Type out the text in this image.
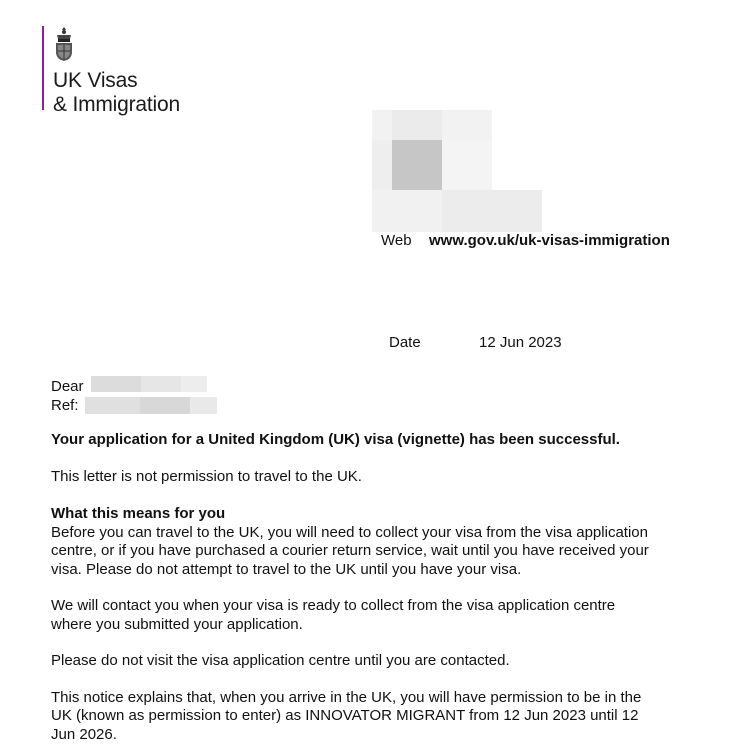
UK Visas
& Immigration
Web www.gov.uk/uk-visas-immigration
Date	12 Jun 2023
Dear
Ref:
Your application for a United Kingdom (UK) visa (vignette) has been successful.
This letter is not permission to travel to the UK.
What this means for you
Before you can travel to the UK, you will need to collect your visa from the visa application
centre, or if you have purchased a courier return service, wait until you have received your
visa. Please do not attempt to travel to the UK until you have your visa.
We will contact you when your visa is ready to collect from the visa application centre
where you submitted your application.
Please do not visit the visa application centre until you are contacted.
This notice explains that, when you arrive in the UK, you will have permission to be in the
UK (known as permission to enter) as INNOVATOR MIGRANT from 12 Jun 2023 until 12
Jun 2026.
